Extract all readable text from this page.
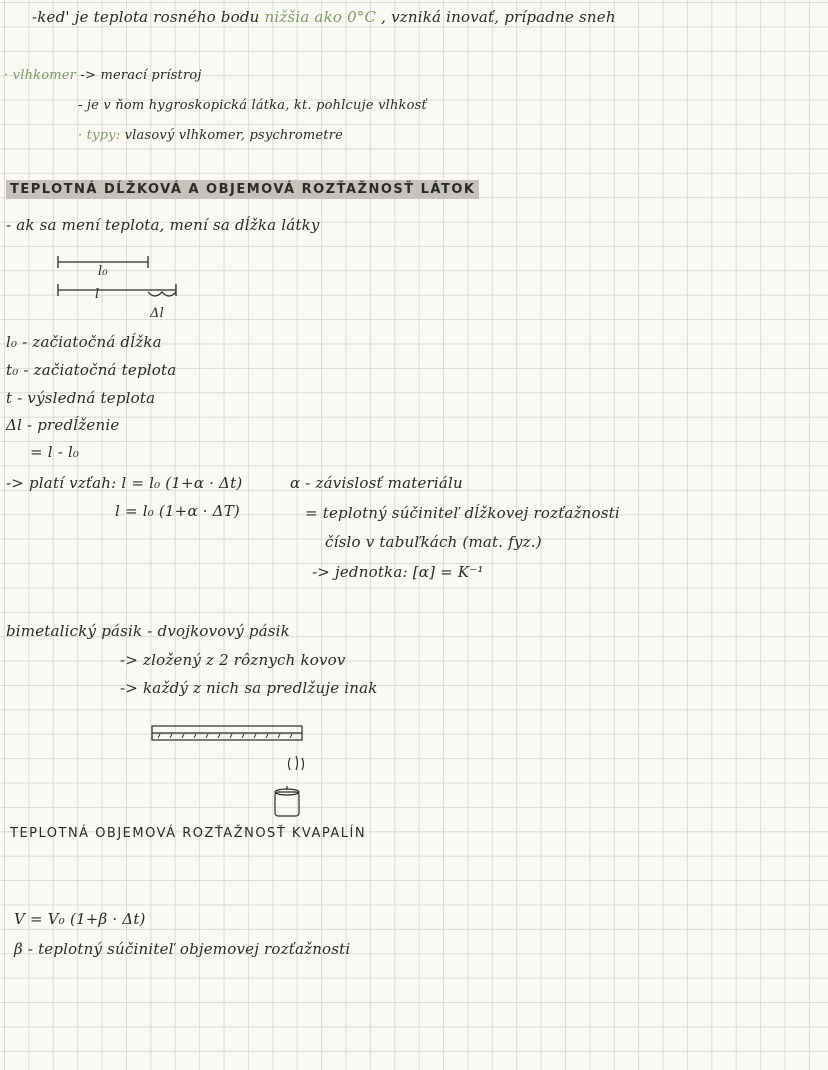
-ked' je teplota rosného bodu nižšia ako 0°C , vzniká inovať, prípadne sneh
· vlhkomer -> merací prístroj
- je v ňom hygroskopická látka, kt. pohlcuje vlhkosť
· typy: vlasový vlhkomer, psychrometre
TEPLOTNÁ DĹŽKOVÁ A OBJEMOVÁ ROZŤAŽNOSŤ LÁTOK
- ak sa mení teplota, mení sa dĺžka látky
l₀
l
Δl
l₀ - začiatočná dĺžka
t₀ - začiatočná teplota
t - výsledná teplota
Δl - predĺženie
= l - l₀
-> platí vzťah: l = l₀ (1+α · Δt)
l = l₀ (1+α · ΔT)
α - závislosť materiálu
= teplotný súčiniteľ dĺžkovej rozťažnosti
číslo v tabuľkách (mat. fyz.)
-> jednotka: [α] = K⁻¹
bimetalický pásik - dvojkovový pásik
-> zložený z 2 rôznych kovov
-> každý z nich sa predlžuje inak
TEPLOTNÁ OBJEMOVÁ ROZŤAŽNOSŤ KVAPALÍN
V = V₀ (1+β · Δt)
β - teplotný súčiniteľ objemovej rozťažnosti
